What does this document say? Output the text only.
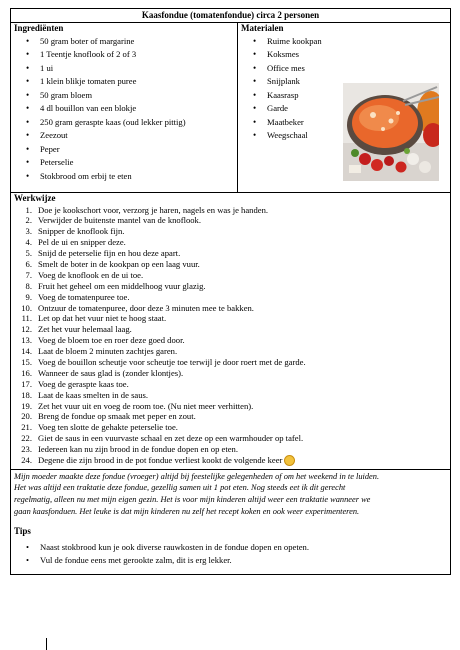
Kaasfondue (tomatenfondue) circa 2 personen

Ingrediënten
• 50 gram boter of margarine
• 1 Teentje knoflook of 2 of 3
• 1 ui
• 1 klein blikje tomaten puree
• 50 gram bloem
• 4 dl bouillon van een blokje
• 250 gram geraspte kaas (oud lekker pittig)
• Zeezout
• Peper
• Peterselie
• Stokbrood om erbij te eten

Materialen
• Ruime kookpan
• Koksmes
• Office mes
• Snijplank
• Kaasrasp
• Garde
• Maatbeker
• Weegschaal

Werkwijze
1. Doe je kookschort voor, verzorg je haren, nagels en was je handen.
2. Verwijder de buitenste mantel van de knoflook.
3. Snipper de knoflook fijn.
4. Pel de ui en snipper deze.
5. Snijd de peterselie fijn en hou deze apart.
6. Smelt de boter in de kookpan op een laag vuur.
7. Voeg de knoflook en de ui toe.
8. Fruit het geheel om een middelhoog vuur glazig.
9. Voeg de tomatenpuree toe.
10. Ontzuur de tomatenpuree, door deze 3 minuten mee te bakken.
11. Let op dat het vuur niet te hoog staat.
12. Zet het vuur helemaal laag.
13. Voeg de bloem toe en roer deze goed door.
14. Laat de bloem 2 minuten zachtjes garen.
15. Voeg de bouillon scheutje voor scheutje toe terwijl je door roert met de garde.
16. Wanneer de saus glad is (zonder klontjes).
17. Voeg de geraspte kaas toe.
18. Laat de kaas smelten in de saus.
19. Zet het vuur uit en voeg de room toe. (Nu niet meer verhitten).
20. Breng de fondue op smaak met peper en zout.
21. Voeg ten slotte de gehakte peterselie toe.
22. Giet de saus in een vuurvaste schaal en zet deze op een warmhouder op tafel.
23. Iedereen kan nu zijn brood in de fondue dopen en op eten.
24. Degene die zijn brood in de pot fondue verliest kookt de volgende keer

Mijn moeder maakte deze fondue (vroeger) altijd bij feestelijke gelegenheden of om het weekend in te luiden.
Het was altijd een traktatie deze fondue, gezellig samen uit 1 pot eten. Nog steeds eet ik dit gerecht
regelmatig, alleen nu met mijn eigen gezin. Het is voor mijn kinderen altijd weer een traktatie wanneer we
gaan kaasfonduen. Het leuke is dat mijn kinderen nu zelf het recept koken en ook weer experimenteren.
Tips
• Naast stokbrood kun je ook diverse rauwkosten in de fondue dopen en opeten.
• Vul de fondue eens met gerookte zalm, dit is erg lekker.
